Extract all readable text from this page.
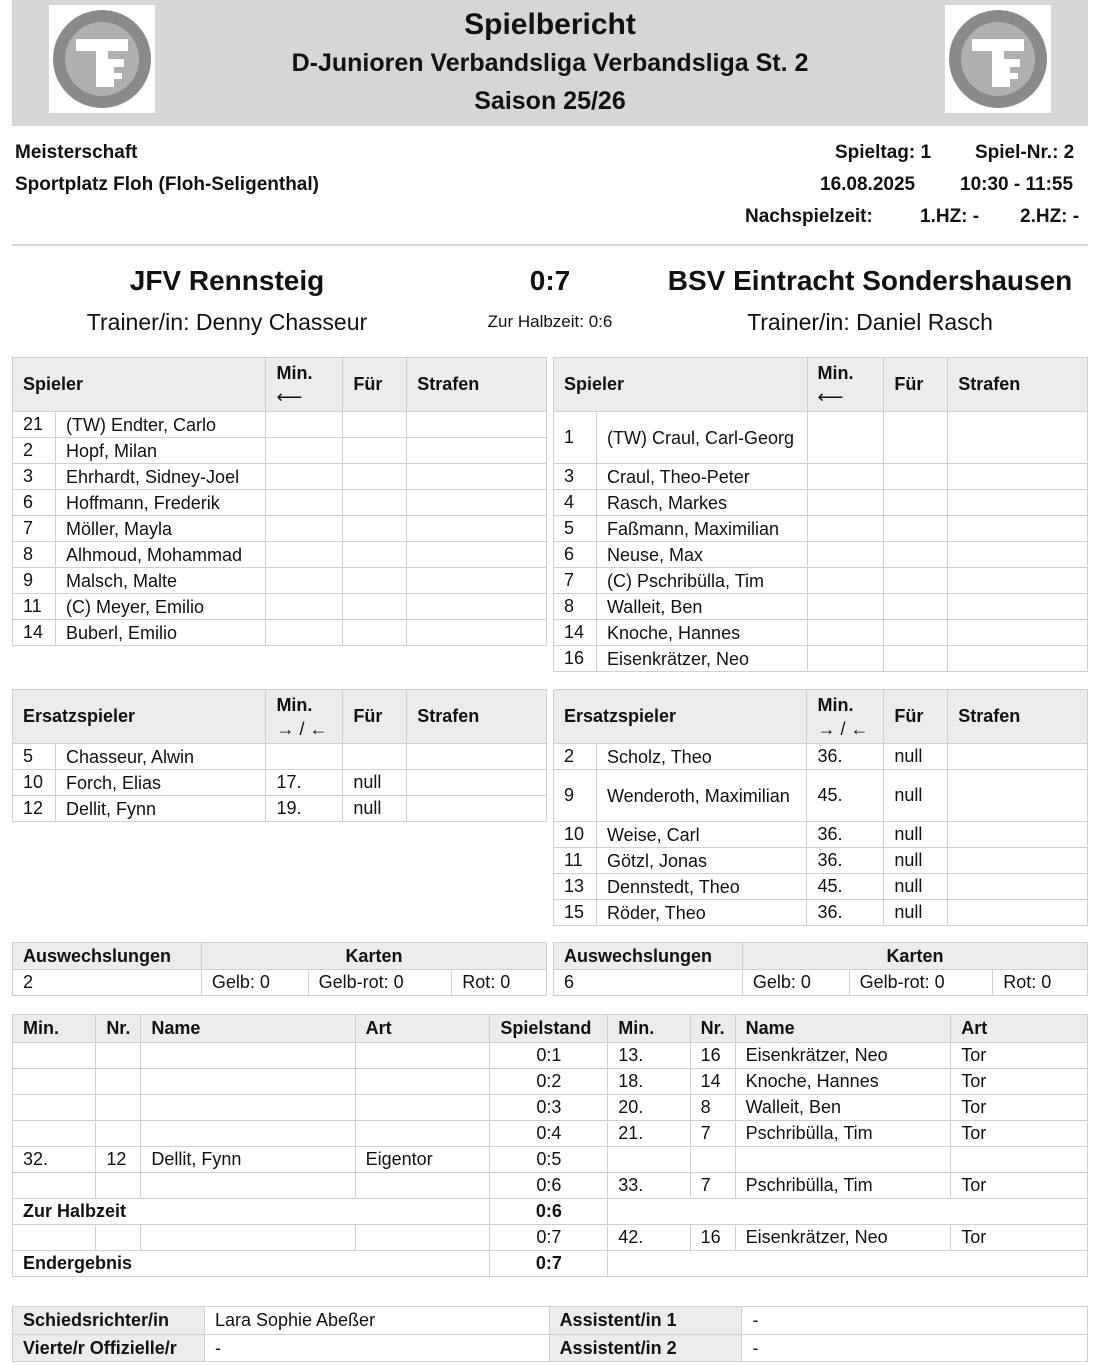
Spielbericht
D-Junioren Verbandsliga Verbandsliga St. 2
Saison 25/26
Meisterschaft
Sportplatz Floh (Floh-Seligenthal)
Spieltag: 1 Spiel-Nr.: 2
16.08.2025 10:30 - 11:55
Nachspielzeit: 1.HZ: - 2.HZ: -
JFV Rennsteig	0:7	BSV Eintracht Sondershausen
Trainer/in: Denny Chasseur	Zur Halbzeit: 0:6	Trainer/in: Daniel Rasch
Spieler		Min.
⟵	Für	Strafen
21	(TW) Endter, Carlo			
2	Hopf, Milan			
3	Ehrhardt, Sidney-Joel			
6	Hoffmann, Frederik			
7	Möller, Mayla			
8	Alhmoud, Mohammad			
9	Malsch, Malte			
11	(C) Meyer, Emilio			
14	Buberl, Emilio			
Spieler		Min.
⟵	Für	Strafen
1	(TW) Craul, Carl-Georg			
3	Craul, Theo-Peter			
4	Rasch, Markes			
5	Faßmann, Maximilian			
6	Neuse, Max			
7	(C) Pschribülla, Tim			
8	Walleit, Ben			
14	Knoche, Hannes			
16	Eisenkrätzer, Neo			
Ersatzspieler		Min.
→ / ←	Für	Strafen
5	Chasseur, Alwin			
10	Forch, Elias	17.	null	
12	Dellit, Fynn	19.	null	
Ersatzspieler		Min.
→ / ←	Für	Strafen
2	Scholz, Theo	36.	null	
9	Wenderoth, Maximilian	45.	null	
10	Weise, Carl	36.	null	
11	Götzl, Jonas	36.	null	
13	Dennstedt, Theo	45.	null	
15	Röder, Theo	36.	null	
Auswechslungen	Karten		
2	Gelb: 0	Gelb-rot: 0	Rot: 0
Auswechslungen	Karten		
6	Gelb: 0	Gelb-rot: 0	Rot: 0
Min.	Nr.	Name	Art	Spielstand	Min.	Nr.	Name	Art
				0:1	13.	16	Eisenkrätzer, Neo	Tor
				0:2	18.	14	Knoche, Hannes	Tor
				0:3	20.	8	Walleit, Ben	Tor
				0:4	21.	7	Pschribülla, Tim	Tor
32.	12	Dellit, Fynn	Eigentor	0:5				
				0:6	33.	7	Pschribülla, Tim	Tor
Zur Halbzeit				0:6				
				0:7	42.	16	Eisenkrätzer, Neo	Tor
Endergebnis				0:7				
Schiedsrichter/in	Lara Sophie Abeßer	Assistent/in 1	-
Vierte/r Offizielle/r	-	Assistent/in 2	-
